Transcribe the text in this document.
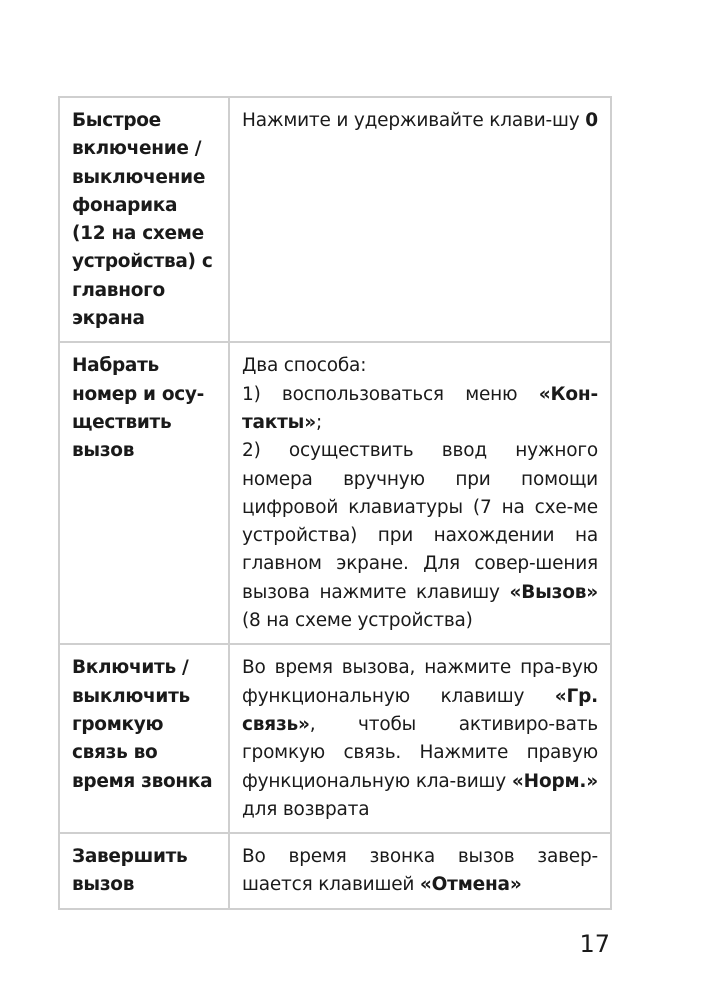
Быстрое включение / выключение фонарика (12 на схеме устройства) с главного экрана	Нажмите и удерживайте клави-шу 0
Набрать номер и осу-ществить вызов	Два способа:
1) воспользоваться меню «Кон-такты»;
2) осуществить ввод нужного номера вручную при помощи цифровой клавиатуры (7 на схе-ме устройства) при нахождении на главном экране. Для совер-шения вызова нажмите клавишу «Вызов» (8 на схеме устройства)
Включить / выключить громкую связь во время звонка	Во время вызова, нажмите пра-вую функциональную клавишу «Гр. связь», чтобы активиро-вать громкую связь. Нажмите правую функциональную кла-вишу «Норм.» для возврата
Завершить вызов	Во время звонка вызов завер-шается клавишей «Отмена»
17
